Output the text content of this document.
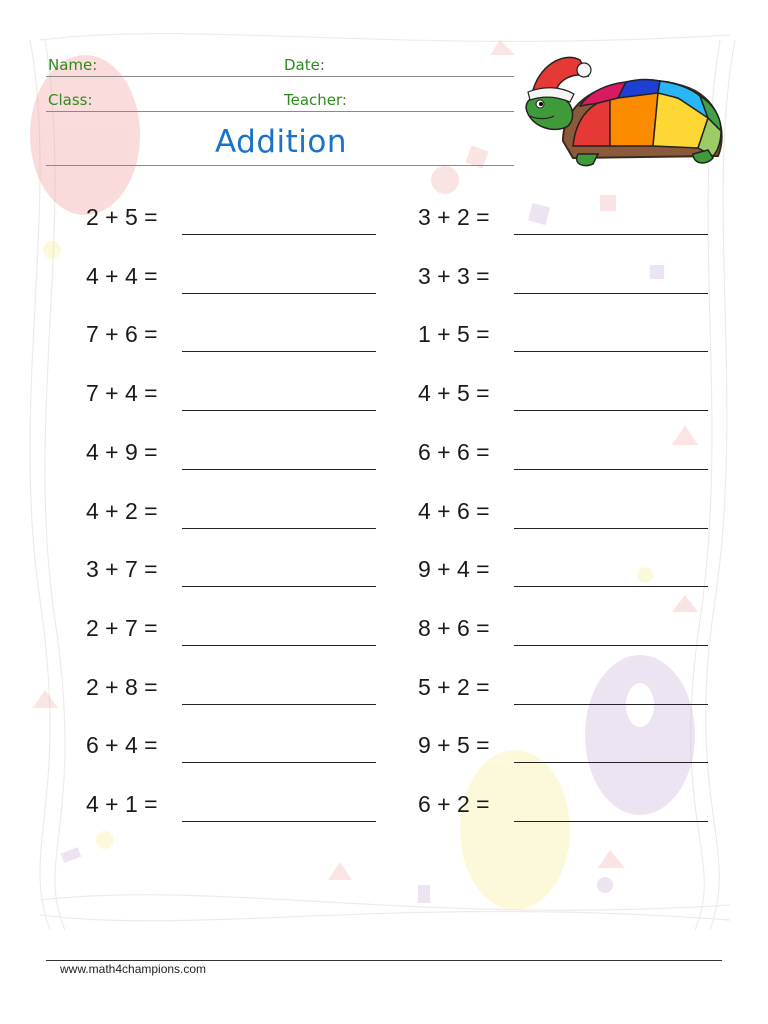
Name:	Date:
Class:	Teacher:
Addition
2 + 5 =
4 + 4 =
7 + 6 =
7 + 4 =
4 + 9 =
4 + 2 =
3 + 7 =
2 + 7 =
2 + 8 =
6 + 4 =
4 + 1 =
3 + 2 =
3 + 3 =
1 + 5 =
4 + 5 =
6 + 6 =
4 + 6 =
9 + 4 =
8 + 6 =
5 + 2 =
9 + 5 =
6 + 2 =
www.math4champions.com
